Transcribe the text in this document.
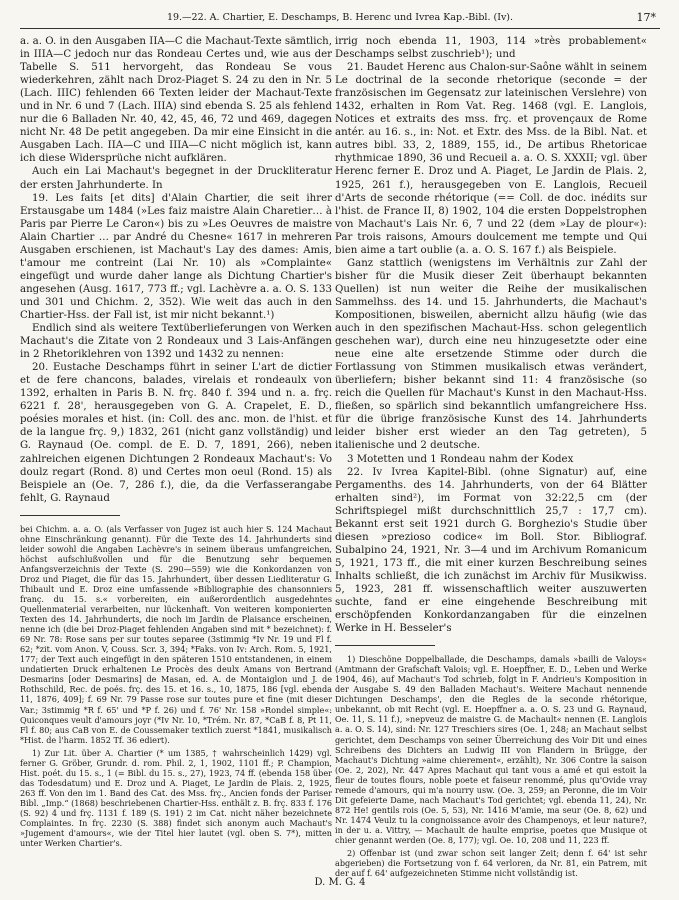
19.—22. A. Chartier, E. Deschamps, B. Herenc und Ivrea Kap.-Bibl. (Iv).	17*

a. a. O. in den Ausgaben IIA—C die Machaut-Texte sämtlich, in IIIA—C jedoch nur das Rondeau Certes und, wie aus der Tabelle S. 511 hervorgeht, das Rondeau Se vous wiederkehren, zählt nach Droz-Piaget S. 24 zu den in Nr. 5 (Lach. IIIC) fehlenden 66 Texten leider der Machaut-Texte und in Nr. 6 und 7 (Lach. IIIA) sind ebenda S. 25 als fehlend nur die 6 Balladen Nr. 40, 42, 45, 46, 72 und 469, dagegen nicht Nr. 48 De petit angegeben. Da mir eine Einsicht in die Ausgaben Lach. IIA—C und IIIA—C nicht möglich ist, kann ich diese Widersprüche nicht aufklären.

Auch ein Lai Machaut's begegnet in der Druckliteratur der ersten Jahrhunderte. In

19. Les faits [et dits] d'Alain Chartier, die seit ihrer Erstausgabe um 1484 (»Les faiz maistre Alain Charetier… à Paris par Pierre Le Caron«) bis zu »Les Oeuvres de maistre Alain Chartier … par André du Chesne« 1617 in mehreren Ausgaben erschienen, ist Machaut's Lay des dames: Amis, t'amour me contreint (Lai Nr. 10) als »Complainte« eingefügt und wurde daher lange als Dichtung Chartier's angesehen (Ausg. 1617, 773 ff.; vgl. Lachèvre a. a. O. S. 133 und 301 und Chichm. 2, 352). Wie weit das auch in den Chartier-Hss. der Fall ist, ist mir nicht bekannt.¹)

Endlich sind als weitere Textüberlieferungen von Werken Machaut's die Zitate von 2 Rondeaux und 3 Lais-Anfängen in 2 Rhetoriklehren von 1392 und 1432 zu nennen:

20. Eustache Deschamps führt in seiner L'art de dictier et de fere chancons, balades, virelais et rondeaulx von 1392, erhalten in Paris B. N. frç. 840 f. 394 und n. a. frç. 6221 f. 28', herausgegeben von G. A. Crapelet, E. D., poésies morales et hist. (in: Coll. des anc. mon. de l'hist. et de la langue frç. 9,) 1832, 261 (nicht ganz vollständig) und G. Raynaud (Oe. compl. de E. D. 7, 1891, 266), neben zahlreichen eigenen Dichtungen 2 Rondeaux Machaut's: Vo doulz regart (Rond. 8) und Certes mon oeul (Rond. 15) als Beispiele an (Oe. 7, 286 f.), die, da die Verfasserangabe fehlt, G. Raynaud

bei Chichm. a. a. O. (als Verfasser von Jugez ist auch hier S. 124 Machaut ohne Einschränkung genannt). Für die Texte des 14. Jahrhunderts sind leider sowohl die Angaben Lachèvre's in seinem überaus umfangreichen, höchst aufschlußvollen und für die Benutzung sehr bequemen Anfangsverzeichnis der Texte (S. 290—559) wie die Konkordanzen von Droz und Piaget, die für das 15. Jahrhundert, über dessen Liedliteratur G. Thibault und E. Droz eine umfassende »Bibliographie des chansonniers franç. du 15. s.« vorbereiten, ein außerordentlich ausgedehntes Quellenmaterial verarbeiten, nur lückenhaft. Von weiteren komponierten Texten des 14. Jahrhunderts, die noch im Jardin de Plaisance erscheinen, nenne ich (die bei Droz-Piaget fehlenden Angaben sind mit * bezeichnet): f. 69 Nr. 78: Rose sans per sur toutes separee (3stimmig *Iv Nr. 19 und Fl f. 62; *zit. vom Anon. V, Couss. Scr. 3, 394; *Faks. von Iv: Arch. Rom. 5, 1921, 177; der Text auch eingefügt in den späteren 1510 entstandenen, in einem undatierten Druck erhaltenen Le Procès des deulx Amans von Bertrand Desmarins [oder Desmarins] de Masan, ed. A. de Montaiglon und J. de Rothschild, Rec. de poés. frç. des 15. et 16. s., 10, 1875, 186 [vgl. ebenda 11, 1876, 409]; f. 69 Nr. 79 Passe rose sur toutes pure et fine (mit dieser Var.; 3stimmig *R f. 65' und *P f. 26) und f. 76' Nr. 158 »Rondel simple«: Quiconques veult d'amours joyr (*Iv Nr. 10, *Trém. Nr. 87, *CaB f. 8, Pt 11, Fl f. 80; aus CaB von E. de Coussemaker textlich zuerst *1841, musikalisch *Hist. de l'harm. 1852 Tf. 36 ediert).

1) Zur Lit. über A. Chartier (* um 1385, † wahrscheinlich 1429) vgl. ferner G. Gröber, Grundr. d. rom. Phil. 2, 1, 1902, 1101 ff.; P. Champion, Hist. poét. du 15. s., 1 (= Bibl. du 15. s., 27), 1923, 74 ff. (ebenda 158 über das Todesdatum) und E. Droz und A. Piaget, Le Jardin de Plais. 2, 1925, 263 ff. Von den im 1. Band des Cat. des Mss. frç., Ancien fonds der Pariser Bibl. „Imp.“ (1868) beschriebenen Chartier-Hss. enthält z. B. frç. 833 f. 176 (S. 92) 4 und frç. 1131 f. 189 (S. 191) 2 im Cat. nicht näher bezeichnete Complaintes. In frç. 2230 (S. 388) findet sich anonym auch Machaut's »Jugement d'amours«, wie der Titel hier lautet (vgl. oben S. 7*), mitten unter Werken Chartier's.

irrig noch ebenda 11, 1903, 114 »très probablement« Deschamps selbst zuschrieb¹); und

21. Baudet Herenc aus Chalon-sur-Saône wählt in seinem Le doctrinal de la seconde rhetorique (seconde = der französischen im Gegensatz zur lateinischen Verslehre) von 1432, erhalten in Rom Vat. Reg. 1468 (vgl. E. Langlois, Notices et extraits des mss. frç. et provençaux de Rome antér. au 16. s., in: Not. et Extr. des Mss. de la Bibl. Nat. et autres bibl. 33, 2, 1889, 155, id., De artibus Rhetoricae rhythmicae 1890, 36 und Recueil a. a. O. S. XXXII; vgl. über Herenc ferner E. Droz und A. Piaget, Le Jardin de Plais. 2, 1925, 261 f.), herausgegeben von E. Langlois, Recueil d'Arts de seconde rhétorique (== Coll. de doc. inédits sur l'hist. de France II, 8) 1902, 104 die ersten Doppelstrophen von Machaut's Lais Nr. 6, 7 und 22 (dem »Lay de plour«): Par trois raisons, Amours doulcement me tempte und Qui bien aime a tart oublie (a. a. O. S. 167 f.) als Beispiele.

Ganz stattlich (wenigstens im Verhältnis zur Zahl der bisher für die Musik dieser Zeit überhaupt bekannten Quellen) ist nun weiter die Reihe der musikalischen Sammelhss. des 14. und 15. Jahrhunderts, die Machaut's Kompositionen, bisweilen, abernicht allzu häufig (wie das auch in den spezifischen Machaut-Hss. schon gelegentlich geschehen war), durch eine neu hinzugesetzte oder eine neue eine alte ersetzende Stimme oder durch die Fortlassung von Stimmen musikalisch etwas verändert, überliefern; bisher bekannt sind 11: 4 französische (so reich die Quellen für Machaut's Kunst in den Machaut-Hss. fließen, so spärlich sind bekanntlich umfangreichere Hss. für die übrige französische Kunst des 14. Jahrhunderts leider bisher erst wieder an den Tag getreten), 5 italienische und 2 deutsche.

3 Motetten und 1 Rondeau nahm der Kodex

22. Iv Ivrea Kapitel-Bibl. (ohne Signatur) auf, eine Pergamenths. des 14. Jahrhunderts, von der 64 Blätter erhalten sind²), im Format von 32:22,5 cm (der Schriftspiegel mißt durchschnittlich 25,7 : 17,7 cm). Bekannt erst seit 1921 durch G. Borghezio's Studie über diesen »prezioso codice« im Boll. Stor. Bibliograf. Subalpino 24, 1921, Nr. 3—4 und im Archivum Romanicum 5, 1921, 173 ff., die mit einer kurzen Beschreibung seines Inhalts schließt, die ich zunächst im Archiv für Musikwiss. 5, 1923, 281 ff. wissenschaftlich weiter auszuwerten suchte, fand er eine eingehende Beschreibung mit erschöpfenden Konkordanzangaben für die einzelnen Werke in H. Besseler's

1) Dieschöne Doppelballade, die Deschamps, damals »bailli de Valoys« (Amtmann der Grafschaft Valois; vgl. E. Hoepffner, E. D., Leben und Werke 1904, 46), auf Machaut's Tod schrieb, folgt in F. Andrieu's Komposition in der Ausgabe S. 49 den Balladen Machaut's. Weitere Machaut nennende Dichtungen Deschamps', den die Regles de la seconde rhétorique, unbekannt, ob mit Recht (vgl. E. Hoepffner a. a. O. S. 23 und G. Raynaud, Oe. 11, S. 11 f.), »nepveuz de maistre G. de Machault« nennen (E. Langlois a. a. O. S. 14), sind: Nr. 127 Treschiers sires (Oe. 1, 248; an Machaut selbst gerichtet, dem Deschamps von seiner Überreichung des Voir Dit und eines Schreibens des Dichters an Ludwig III von Flandern in Brügge, der Machaut's Dichtung »aime chierement«, erzählt), Nr. 306 Contre la saison (Oe. 2, 202), Nr. 447 Apres Machaut qui tant vous a amé et qui estoit la fleur de toutes flours, noble poete et faiseur renommé, plus qu'Ovide vray remede d'amours, qui m'a nourry usw. (Oe. 3, 259; an Peronne, die im Voir Dit gefeierte Dame, nach Machaut's Tod gerichtet; vgl. ebenda 11, 24), Nr. 872 He! gentils rois (Oe. 5, 53), Nr. 1416 M'amie, ma seur (Oe. 8, 62) und Nr. 1474 Veulz tu la congnoissance avoir des Champenoys, et leur nature?, in der u. a. Vittry, — Machault de haulte emprise, poetes que Musique ot chier genannt werden (Oe. 8, 177); vgl. Oe. 10, 208 und 11, 223 ff.

2) Offenbar ist (und zwar schon seit langer Zeit; denn f. 64' ist sehr abgerieben) die Fortsetzung von f. 64 verloren, da Nr. 81, ein Patrem, mit der auf f. 64' aufgezeichneten Stimme nicht vollständig ist.

D. M. G. 4
